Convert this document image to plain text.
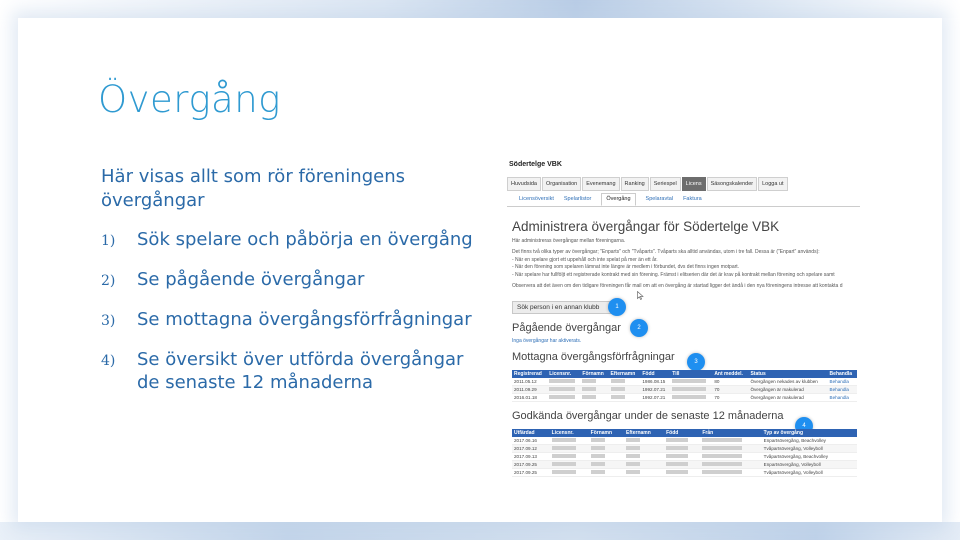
Övergång
Här visas allt som rör föreningens övergångar
1)	Sök spelare och påbörja en övergång
2)	Se pågående övergångar
3)	Se mottagna övergångsförfrågningar
4)	Se översikt över utförda övergångar de senaste 12 månaderna
Södertelge VBK
Huvudsida	Organisation	Evenemang	Ranking	Seriespel	Licens	Säsongskalender	Logga ut
Licensöversikt Spelarlistor	Övergång	Spelaravtal Faktura
Administrera övergångar för Södertelge VBK
Här administreras övergångar mellan föreningarna.
Det finns två olika typer av övergångar; "Enparts" och "Tvåparts". Tvåparts ska alltid användas, utom i tre fall. Dessa är ("Enpart" används):
- När en spelare gjort ett uppehåll och inte spelat på mer än ett år.
- När den förening som spelaren lämnat inte längre är medlem i förbundet, dvs det finns ingen motpart.
- När spelare har fullföljt ett registrerade kontrakt med sin förening. Främst i elitserien där det är krav på kontrakt mellan förening och spelare samt
Observera att det även om den tidigare föreningen får mail om att en övergång är startad ligger det ändå i den nya föreningens intresse att kontakta d
Sök person i en annan klubb	1
Pågående övergångar	2
Inga övergångar har aktiverats.
Mottagna övergångsförfrågningar	3
Registrerad	Licensnr.	Förnamn	Efternamn	Född	Till	Ant meddel.	Status	Behandla
2011.05.12				1986.08.15		80	Övergången nekades av klubben	Behandla
2011.09.29				1992.07.21		70	Övergången är makulerad	Behandla
2016.01.18				1992.07.21		70	Övergången är makulerad	Behandla
Godkända övergångar under de senaste 12 månaderna
4
Utfärdad	Licensnr.	Förnamn	Efternamn	Född	Från	Typ av övergång
2017.06.16						Enpartsövergång, Beachvolley
2017.09.12						Tvåpartsövergång, Volleyboll
2017.09.13						Tvåpartsövergång, Beachvolley
2017.09.25						Enpartsövergång, Volleyboll
2017.09.25						Tvåpartsövergång, Volleyboll
